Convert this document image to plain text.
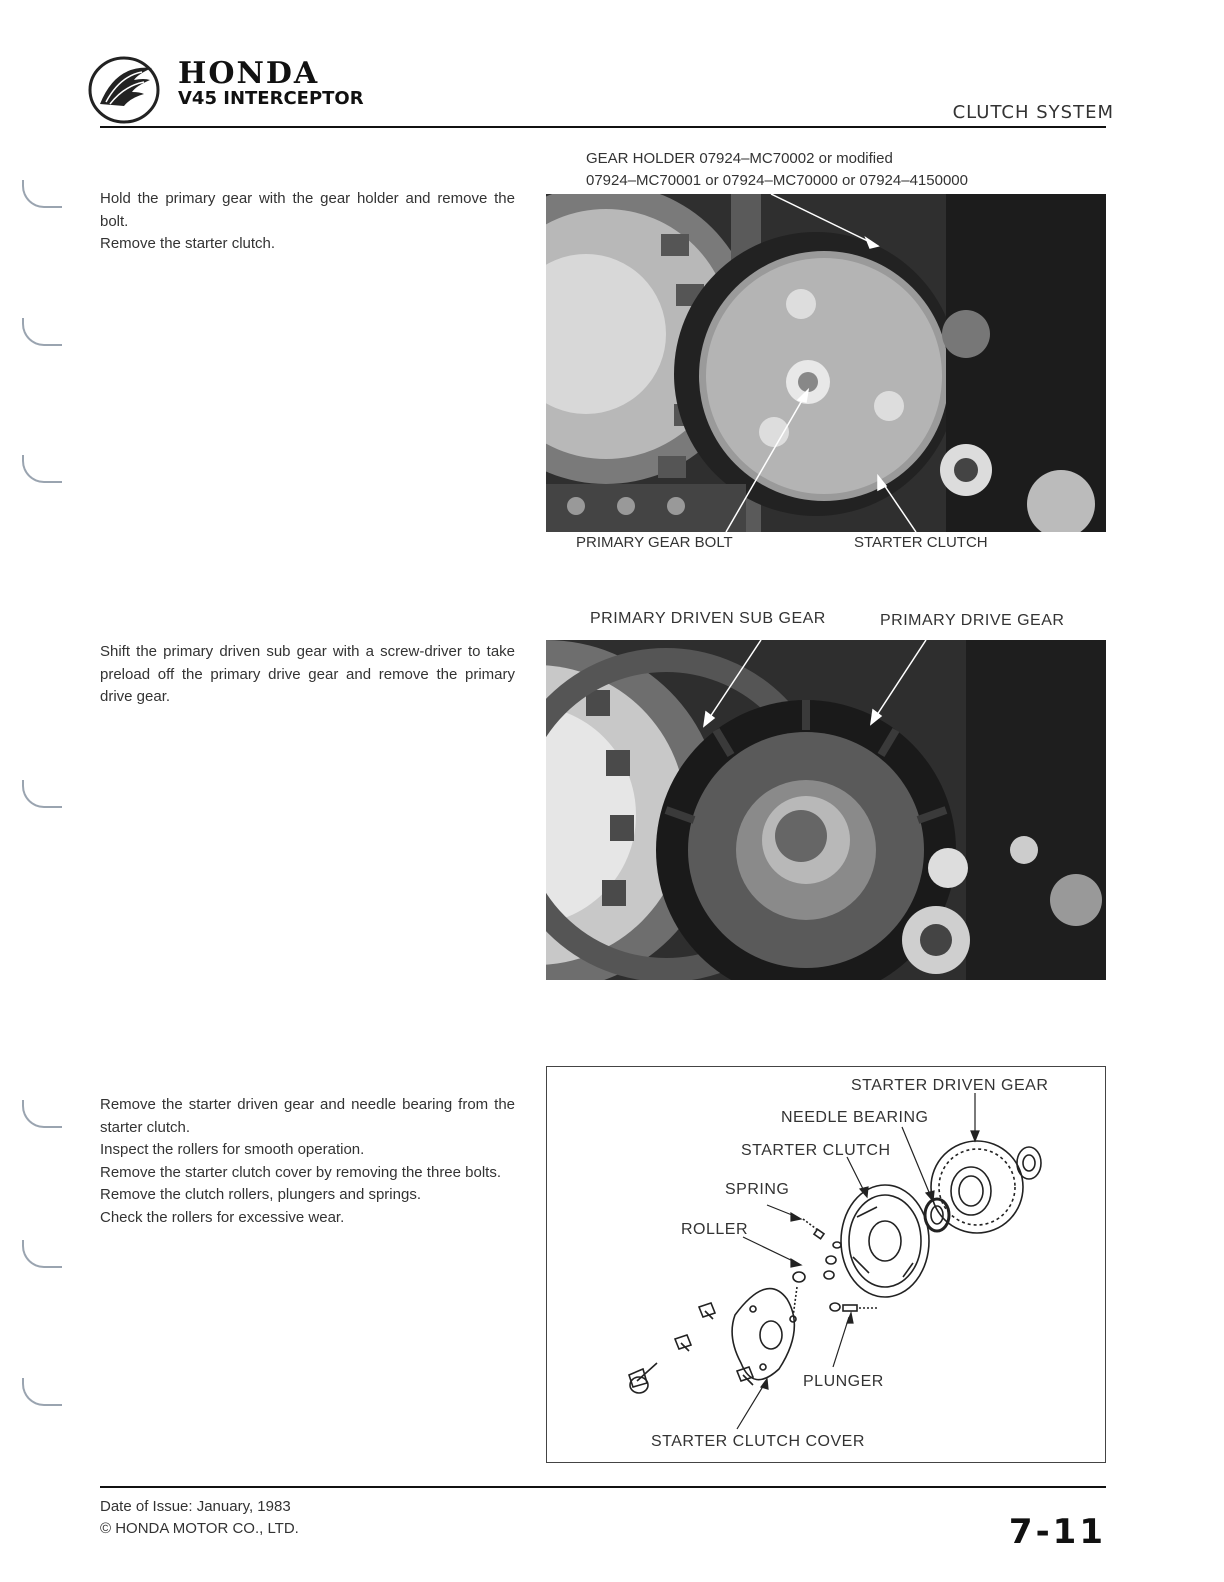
HONDA
V45 INTERCEPTOR
CLUTCH SYSTEM

Hold the primary gear with the gear holder and remove the bolt.

Remove the starter clutch.

GEAR HOLDER 07924–MC70002 or modified
07924–MC70001 or 07924–MC70000 or 07924–4150000
PRIMARY GEAR BOLT	STARTER CLUTCH

Shift the primary driven sub gear with a screw-driver to take preload off the primary drive gear and remove the primary drive gear.

PRIMARY DRIVEN SUB GEAR	PRIMARY DRIVE GEAR

Remove the starter driven gear and needle bearing from the starter clutch.

Inspect the rollers for smooth operation.

Remove the starter clutch cover by removing the three bolts.

Remove the clutch rollers, plungers and springs.

Check the rollers for excessive wear.

STARTER DRIVEN GEAR
NEEDLE BEARING
STARTER CLUTCH
SPRING
ROLLER
PLUNGER
STARTER CLUTCH COVER
Date of Issue: January, 1983
© HONDA MOTOR CO., LTD.	7-11
